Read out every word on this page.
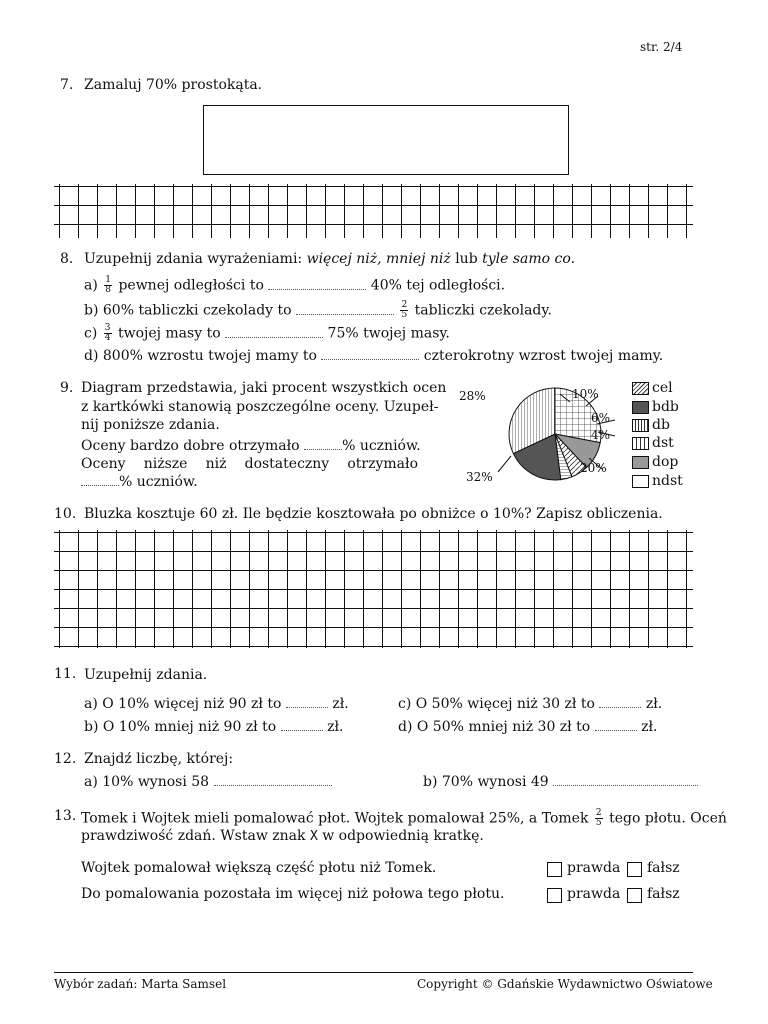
str. 2/4
7. Zamaluj 70% prostokąta.
8. Uzupełnij zdania wyrażeniami: więcej niż, mniej niż lub tyle samo co.
$a) \frac{1}{8}$ pewnej odległości to	40% tej odległości.
b) 60% tabliczki czekolady to	$\frac{2}{5}$ tabliczki czekolady.
$c) \frac{3}{4}$ twojej masy to	75% twojej masy.
d) 800% wzrostu twojej mamy to	czterokrotny wzrost twojej mamy.
9. Diagram przedstawia, jaki procent wszystkich ocen
z kartkówki stanowią poszczególne oceny. Uzupeł-
nij poniższe zdania.
Oceny bardzo dobre otrzymało	% uczniów.
Oceny niższe niż dostateczny otrzymało
% uczniów.
28%	10%
6%
4%
20%
32%
cel
bdb
db
dst
dop
ndst
10. Bluzka kosztuje 60 zł. Ile będzie kosztowała po obniżce o 10%? Zapisz obliczenia.
11. Uzupełnij zdania.
a) O 10% więcej niż 90 zł to	zł.
b) O 10% mniej niż 90 zł to	zł.
c) O 50% więcej niż 30 zł to	zł.
d) O 50% mniej niż 30 zł to	zł.
12. Znajdź liczbę, której:
a) 10% wynosi 58	b) 70% wynosi 49
13. Tomek i Wojtek mieli pomalować płot. Wojtek pomalował 25%, a Tomek $\frac{2}{5}$ tego płotu. Oceń
prawdziwość zdań. Wstaw znak X w odpowiednią kratkę.
Wojtek pomalował większą część płotu niż Tomek.	prawda fałsz
Do pomalowania pozostała im więcej niż połowa tego płotu.	prawda fałsz
Wybór zadań: Marta Samsel	Copyright © Gdańskie Wydawnictwo Oświatowe
